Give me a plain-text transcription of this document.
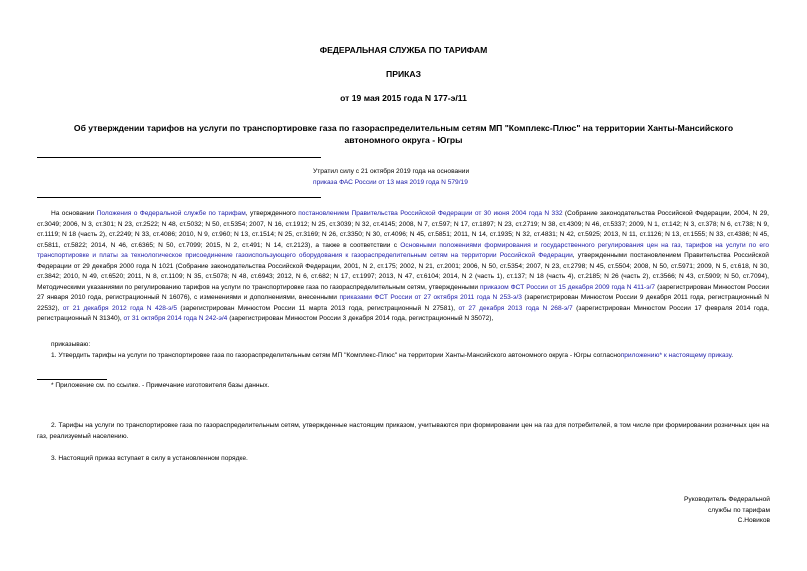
ФЕДЕРАЛЬНАЯ СЛУЖБА ПО ТАРИФАМ
ПРИКАЗ
от 19 мая 2015 года N 177-э/11
Об утверждении тарифов на услуги по транспортировке газа по газораспределительным сетям МП "Комплекс-Плюс" на территории Ханты-Мансийского автономного округа - Югры
Утратил силу с 21 октября 2019 года на основании
приказа ФАС России от 13 мая 2019 года N 579/19
На основании Положения о Федеральной службе по тарифам, утвержденного постановлением Правительства Российской Федерации от 30 июня 2004 года N 332 (Собрание законодательства Российской Федерации, 2004, N 29, ст.3049; 2006, N 3, ст.301; N 23, ст.2522; N 48, ст.5032; N 50, ст.5354; 2007, N 16, ст.1912; N 25, ст.3039; N 32, ст.4145; 2008, N 7, ст.597; N 17, ст.1897; N 23, ст.2719; N 38, ст.4309; N 46, ст.5337; 2009, N 1, ст.142; N 3, ст.378; N 6, ст.738; N 9, ст.1119; N 18 (часть 2), ст.2249; N 33, ст.4086; 2010, N 9, ст.960; N 13, ст.1514; N 25, ст.3169; N 26, ст.3350; N 30, ст.4096; N 45, ст.5851; 2011, N 14, ст.1935; N 32, ст.4831; N 42, ст.5925; 2013, N 11, ст.1126; N 13, ст.1555; N 33, ст.4386; N 45, ст.5811, ст.5822; 2014, N 46, ст.6365; N 50, ст.7099; 2015, N 2, ст.491; N 14, ст.2123), а также в соответствии с Основными положениями формирования и государственного регулирования цен на газ, тарифов на услуги по его транспортировке и платы за технологическое присоединение газоиспользующего оборудования к газораспределительным сетям на территории Российской Федерации, утвержденными постановлением Правительства Российской Федерации от 29 декабря 2000 года N 1021 (Собрание законодательства Российской Федерации, 2001, N 2, ст.175; 2002, N 21, ст.2001; 2006, N 50, ст.5354; 2007, N 23, ст.2798; N 45, ст.5504; 2008, N 50, ст.5971; 2009, N 5, ст.618, N 30, ст.3842; 2010, N 49, ст.6520; 2011, N 8, ст.1109; N 35, ст.5078; N 48, ст.6943; 2012, N 6, ст.682; N 17, ст.1997; 2013, N 47, ст.6104; 2014, N 2 (часть 1), ст.137; N 18 (часть 4), ст.2185; N 26 (часть 2), ст.3566; N 43, ст.5909; N 50, ст.7094), Методическими указаниями по регулированию тарифов на услуги по транспортировке газа по газораспределительным сетям, утвержденными приказом ФСТ России от 15 декабря 2009 года N 411-э/7 (зарегистрирован Минюстом России 27 января 2010 года, регистрационный N 16076), с изменениями и дополнениями, внесенными приказами ФСТ России от 27 октября 2011 года N 253-э/3 (зарегистрирован Минюстом России 9 декабря 2011 года, регистрационный N 22532), от 21 декабря 2012 года N 428-э/5 (зарегистрирован Минюстом России 11 марта 2013 года, регистрационный N 27581), от 27 декабря 2013 года N 268-э/7 (зарегистрирован Минюстом России 17 февраля 2014 года, регистрационный N 31340), от 31 октября 2014 года N 242-э/4 (зарегистрирован Минюстом России 3 декабря 2014 года, регистрационный N 35072),
приказываю:
1. Утвердить тарифы на услуги по транспортировке газа по газораспределительным сетям МП "Комплекс-Плюс" на территории Ханты-Мансийского автономного округа - Югры согласноприложению* к настоящему приказу.
* Приложение см. по ссылке. - Примечание изготовителя базы данных.
2. Тарифы на услуги по транспортировке газа по газораспределительным сетям, утвержденные настоящим приказом, учитываются при формировании цен на газ для потребителей, в том числе при формировании розничных цен на газ, реализуемый населению.
3. Настоящий приказ вступает в силу в установленном порядке.
Руководитель Федеральной
службы по тарифам
С.Новиков
